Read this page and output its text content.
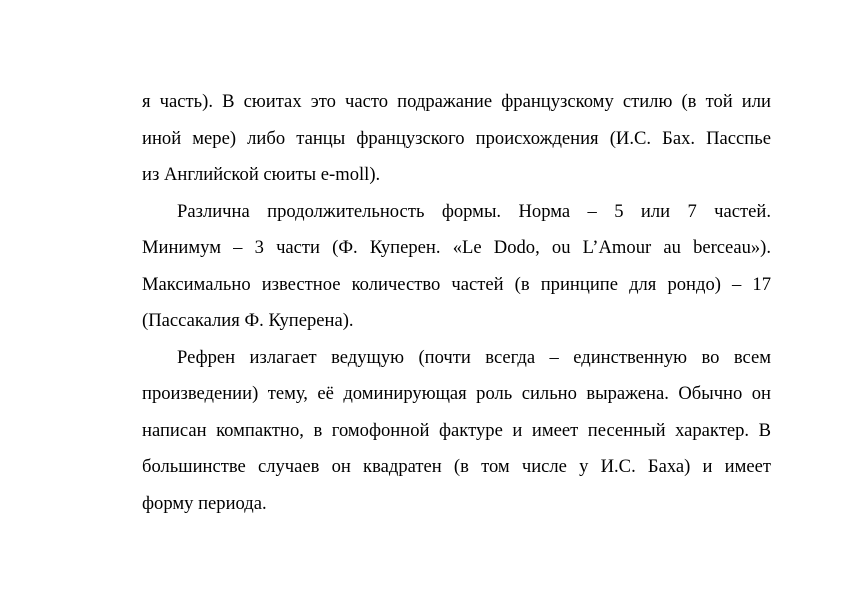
я часть). В сюитах это часто подражание французскому стилю (в той или
иной мере) либо танцы французского происхождения (И.С. Бах. Пасспье
из Английской сюиты e-moll).
Различна продолжительность формы. Норма – 5 или 7 частей.
Минимум – 3 части (Ф. Куперен. «Le Dodo, ou L’Amour au berceau»).
Максимально известное количество частей (в принципе для рондо) – 17
(Пассакалия Ф. Куперена).
Рефрен излагает ведущую (почти всегда – единственную во всем
произведении) тему, её доминирующая роль сильно выражена. Обычно он
написан компактно, в гомофонной фактуре и имеет песенный характер. В
большинстве случаев он квадратен (в том числе у И.С. Баха) и имеет
форму периода.
